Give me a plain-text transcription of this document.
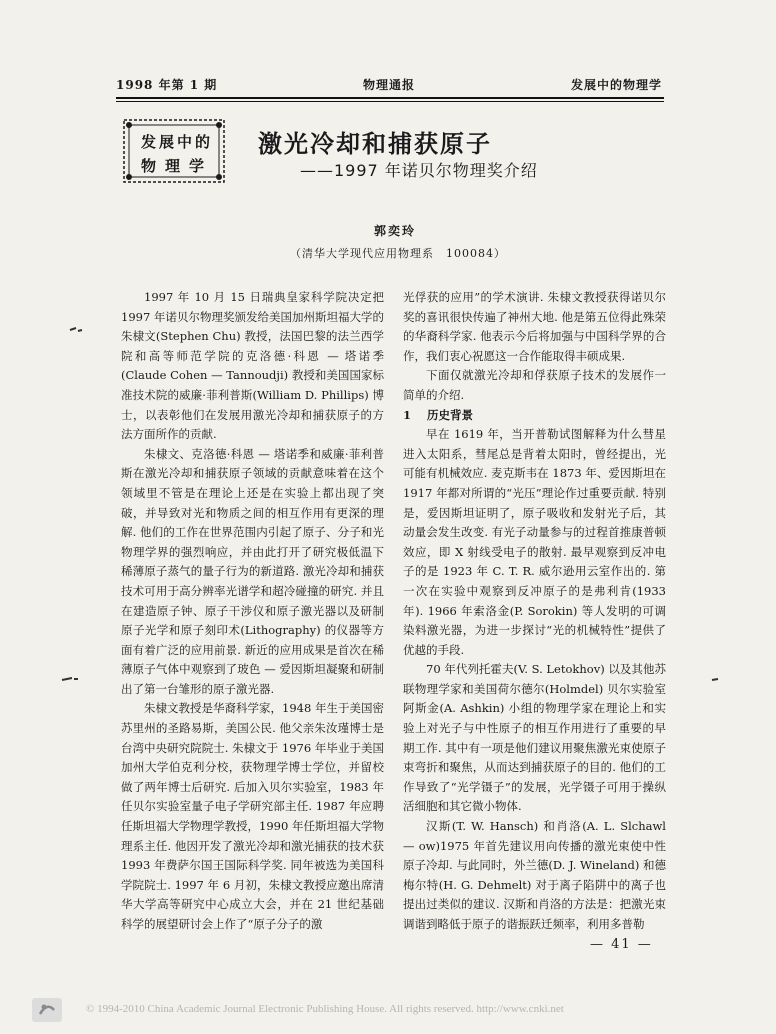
1998 年第 1 期	物理通报	发展中的物理学
发展中的
物理学
激光冷却和捕获原子
——1997 年诺贝尔物理奖介绍
郭奕玲
（清华大学现代应用物理系　100084）

1997 年 10 月 15 日瑞典皇家科学院决定把 1997 年诺贝尔物理奖颁发给美国加州斯坦福大学的朱棣文(Stephen Chu) 教授，法国巴黎的法兰西学院和高等师范学院的克洛德·科恩 — 塔诺季(Claude Cohen — Tannoudji) 教授和美国国家标准技术院的威廉·菲利普斯(William D. Phillips) 博士，以表彰他们在发展用激光冷却和捕获原子的方法方面所作的贡献.

朱棣文、克洛德·科恩 — 塔诺季和威廉·菲利普斯在激光冷却和捕获原子领域的贡献意味着在这个领域里不管是在理论上还是在实验上都出现了突破，并导致对光和物质之间的相互作用有更深的理解. 他们的工作在世界范围内引起了原子、分子和光物理学界的强烈响应，并由此打开了研究极低温下稀薄原子蒸气的量子行为的新道路. 激光冷却和捕获技术可用于高分辨率光谱学和超冷碰撞的研究. 并且在建造原子钟、原子干涉仪和原子激光器以及研制原子光学和原子刻印术(Lithography) 的仪器等方面有着广泛的应用前景. 新近的应用成果是首次在稀薄原子气体中观察到了玻色 — 爱因斯坦凝聚和研制出了第一台雏形的原子激光器.

朱棣文教授是华裔科学家，1948 年生于美国密苏里州的圣路易斯，美国公民. 他父亲朱汝瑾博士是台湾中央研究院院士. 朱棣文于 1976 年毕业于美国加州大学伯克利分校，获物理学博士学位，并留校做了两年博士后研究. 后加入贝尔实验室，1983 年任贝尔实验室量子电子学研究部主任. 1987 年应聘任斯坦福大学物理学教授，1990 年任斯坦福大学物理系主任. 他因开发了激光冷却和激光捕获的技术获 1993 年费萨尔国王国际科学奖. 同年被选为美国科学院院士. 1997 年 6 月初，朱棣文教授应邀出席清华大学高等研究中心成立大会，并在 21 世纪基础科学的展望研讨会上作了“原子分子的激

光俘获的应用”的学术演讲. 朱棣文教授获得诺贝尔奖的喜讯很快传遍了神州大地. 他是第五位得此殊荣的华裔科学家. 他表示今后将加强与中国科学界的合作，我们衷心祝愿这一合作能取得丰硕成果.

下面仅就激光冷却和俘获原子技术的发展作一简单的介绍.

1 历史背景

早在 1619 年，当开普勒试图解释为什么彗星进入太阳系，彗尾总是背着太阳时，曾经提出，光可能有机械效应. 麦克斯韦在 1873 年、爱因斯坦在 1917 年都对所谓的“光压”理论作过重要贡献. 特别是，爱因斯坦证明了，原子吸收和发射光子后，其动量会发生改变. 有光子动量参与的过程首推康普顿效应，即 X 射线受电子的散射. 最早观察到反冲电子的是 1923 年 C. T. R. 威尔逊用云室作出的. 第一次在实验中观察到反冲原子的是弗利肯(1933 年). 1966 年索洛金(P. Sorokin) 等人发明的可调染料激光器，为进一步探讨“光的机械特性”提供了优越的手段.

70 年代列托霍夫(V. S. Letokhov) 以及其他苏联物理学家和美国荷尔德尔(Holmdel) 贝尔实验室阿斯金(A. Ashkin) 小组的物理学家在理论上和实验上对光子与中性原子的相互作用进行了重要的早期工作. 其中有一项是他们建议用聚焦激光束使原子束弯折和聚焦，从而达到捕获原子的目的. 他们的工作导致了“光学镊子”的发展，光学镊子可用于操纵活细胞和其它微小物体.

汉斯(T. W. Hansch) 和肖洛(A. L. Slchawl — ow)1975 年首先建议用向传播的激光束使中性原子冷却. 与此同时，外兰德(D. J. Wineland) 和德梅尔特(H. G. Dehmelt) 对于离子陷阱中的离子也提出过类似的建议. 汉斯和肖洛的方法是：把激光束调谐到略低于原子的谐振跃迁频率，利用多普勒

— 41 —
© 1994-2010 China Academic Journal Electronic Publishing House. All rights reserved. http://www.cnki.net
